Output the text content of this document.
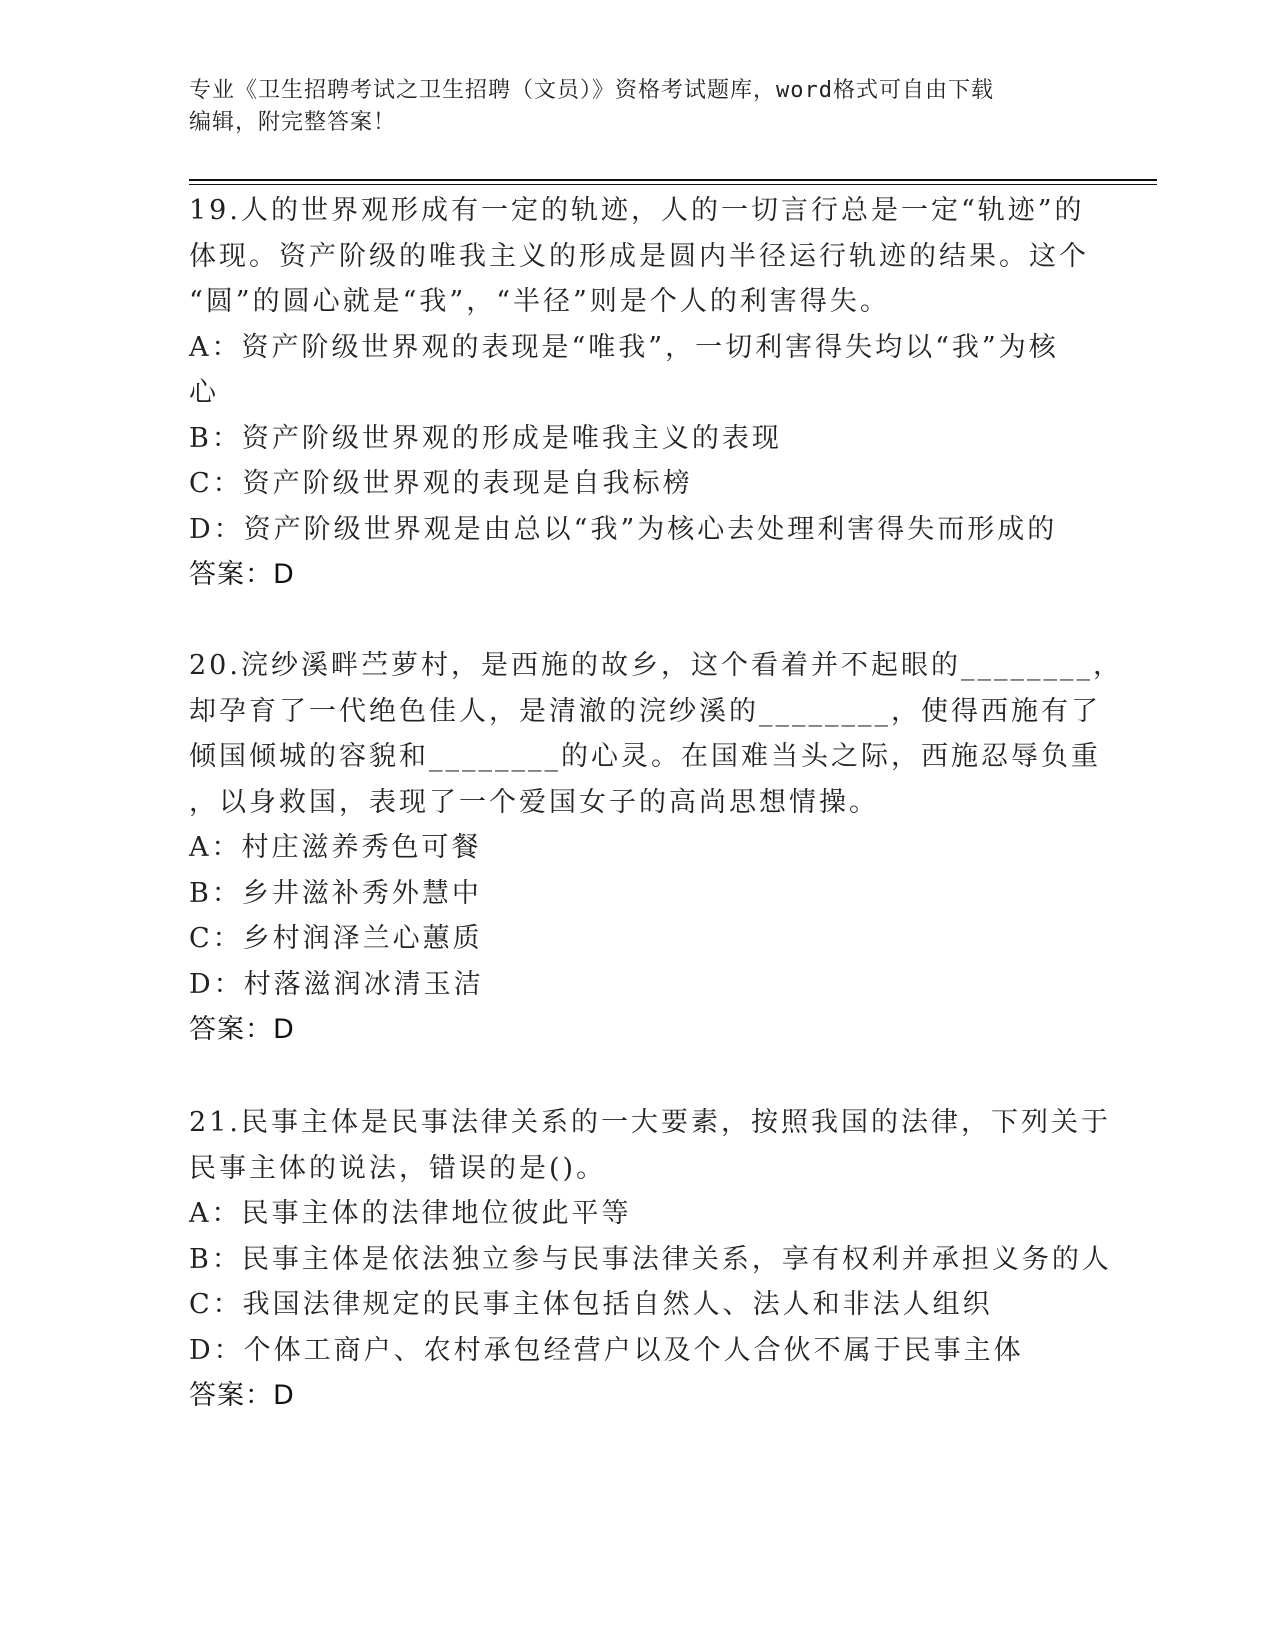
专业《卫生招聘考试之卫生招聘（文员）》资格考试题库，word格式可自由下载
编辑，附完整答案！
19.人的世界观形成有一定的轨迹，人的一切言行总是一定“轨迹”的
体现。资产阶级的唯我主义的形成是圆内半径运行轨迹的结果。这个
“圆”的圆心就是“我”，“半径”则是个人的利害得失。
A：资产阶级世界观的表现是“唯我”，一切利害得失均以“我”为核
心
B：资产阶级世界观的形成是唯我主义的表现
C：资产阶级世界观的表现是自我标榜
D：资产阶级世界观是由总以“我”为核心去处理利害得失而形成的
答案：D
20.浣纱溪畔苎萝村，是西施的故乡，这个看着并不起眼的________，
却孕育了一代绝色佳人，是清澈的浣纱溪的________，使得西施有了
倾国倾城的容貌和________的心灵。在国难当头之际，西施忍辱负重
，以身救国，表现了一个爱国女子的高尚思想情操。
A：村庄滋养秀色可餐
B：乡井滋补秀外慧中
C：乡村润泽兰心蕙质
D：村落滋润冰清玉洁
答案：D
21.民事主体是民事法律关系的一大要素，按照我国的法律，下列关于
民事主体的说法，错误的是()。
A：民事主体的法律地位彼此平等
B：民事主体是依法独立参与民事法律关系，享有权利并承担义务的人
C：我国法律规定的民事主体包括自然人、法人和非法人组织
D：个体工商户、农村承包经营户以及个人合伙不属于民事主体
答案：D
